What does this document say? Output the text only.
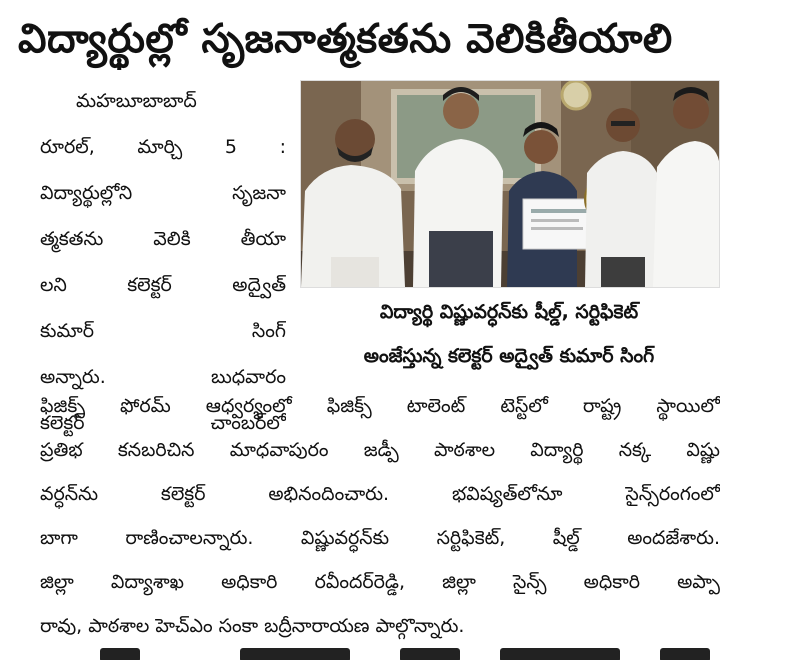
విద్యార్థుల్లో సృజనాత్మకతను వెలికితీయాలి
మహబూబాబాద్
రూరల్, మార్చి 5 :
విద్యార్థుల్లోని సృజనా
త్మకతను వెలికి తీయా
లని కలెక్టర్ అద్వైత్
కుమార్ సింగ్
అన్నారు. బుధవారం
కలెక్టర్ చాంబర్‌లో
విద్యార్థి విష్ణువర్ధన్‌కు షీల్డ్, సర్టిఫికెట్
అంజేస్తున్న కలెక్టర్ అద్వైత్ కుమార్ సింగ్
ఫిజిక్స్ ఫోరమ్ ఆధ్వర్యంలో ఫిజిక్స్ టాలెంట్ టెస్ట్‌లో రాష్ట్ర స్థాయిలో
ప్రతిభ కనబరిచిన మాధవాపురం జడ్పీ పాఠశాల విద్యార్థి నక్క విష్ణు
వర్ధన్‌ను కలెక్టర్ అభినందించారు. భవిష్యత్‌లోనూ సైన్స్‌రంగంలో
బాగా రాణించాలన్నారు. విష్ణువర్ధన్‌కు సర్టిఫికెట్, షీల్డ్ అందజేశారు.
జిల్లా విద్యాశాఖ అధికారి రవీందర్‌రెడ్డి, జిల్లా సైన్స్ అధికారి అప్పా
రావు, పాఠశాల హెచ్ఎం సంకా బద్రీనారాయణ పాల్గొన్నారు.
